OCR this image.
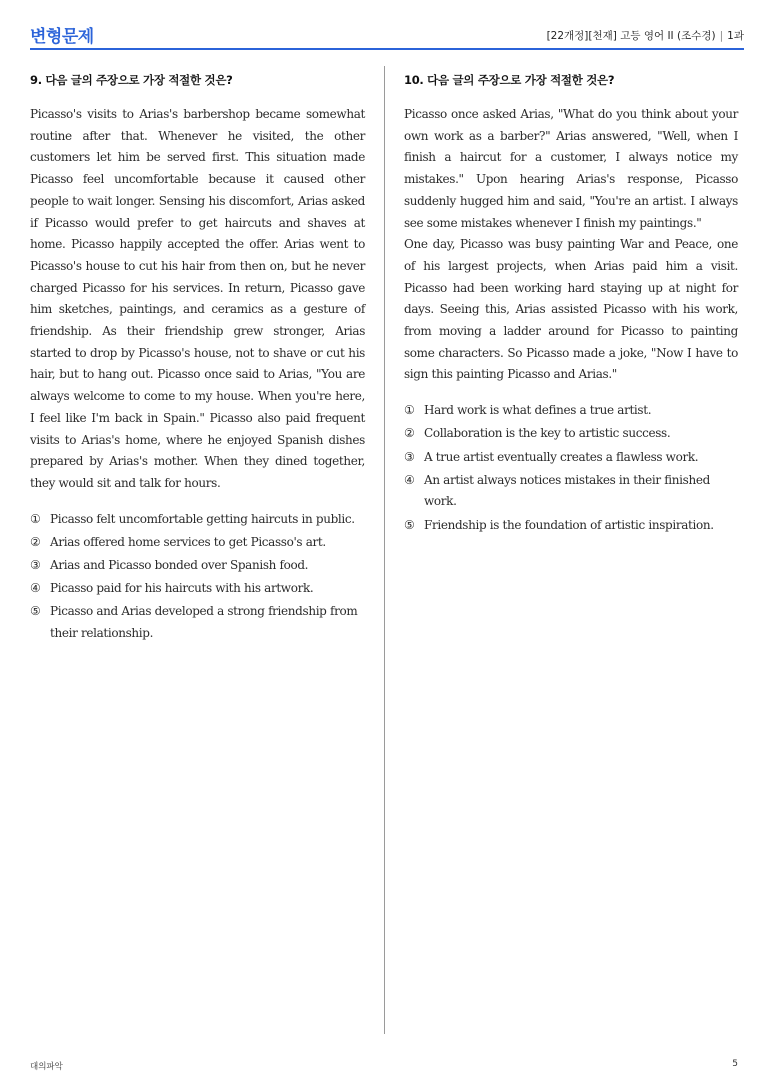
변형문제	[22개정][천재] 고등 영어 II (조수경) | 1과
9. 다음 글의 주장으로 가장 적절한 것은?

Picasso's visits to Arias's barbershop became somewhat routine after that. Whenever he visited, the other customers let him be served first. This situation made Picasso feel uncomfortable because it caused other people to wait longer. Sensing his discomfort, Arias asked if Picasso would prefer to get haircuts and shaves at home. Picasso happily accepted the offer. Arias went to Picasso's house to cut his hair from then on, but he never charged Picasso for his services. In return, Picasso gave him sketches, paintings, and ceramics as a gesture of friendship. As their friendship grew stronger, Arias started to drop by Picasso's house, not to shave or cut his hair, but to hang out. Picasso once said to Arias, "You are always welcome to come to my house. When you're here, I feel like I'm back in Spain." Picasso also paid frequent visits to Arias's home, where he enjoyed Spanish dishes prepared by Arias's mother. When they dined together, they would sit and talk for hours.

① Picasso felt uncomfortable getting haircuts in public.
② Arias offered home services to get Picasso's art.
③ Arias and Picasso bonded over Spanish food.
④ Picasso paid for his haircuts with his artwork.
⑤ Picasso and Arias developed a strong friendship from their relationship.
10. 다음 글의 주장으로 가장 적절한 것은?

Picasso once asked Arias, "What do you think about your own work as a barber?" Arias answered, "Well, when I finish a haircut for a customer, I always notice my mistakes." Upon hearing Arias's response, Picasso suddenly hugged him and said, "You're an artist. I always see some mistakes whenever I finish my paintings."

One day, Picasso was busy painting War and Peace, one of his largest projects, when Arias paid him a visit. Picasso had been working hard staying up at night for days. Seeing this, Arias assisted Picasso with his work, from moving a ladder around for Picasso to painting some characters. So Picasso made a joke, "Now I have to sign this painting Picasso and Arias."

① Hard work is what defines a true artist.
② Collaboration is the key to artistic success.
③ A true artist eventually creates a flawless work.
④ An artist always notices mistakes in their finished work.
⑤ Friendship is the foundation of artistic inspiration.
대의파악	5
